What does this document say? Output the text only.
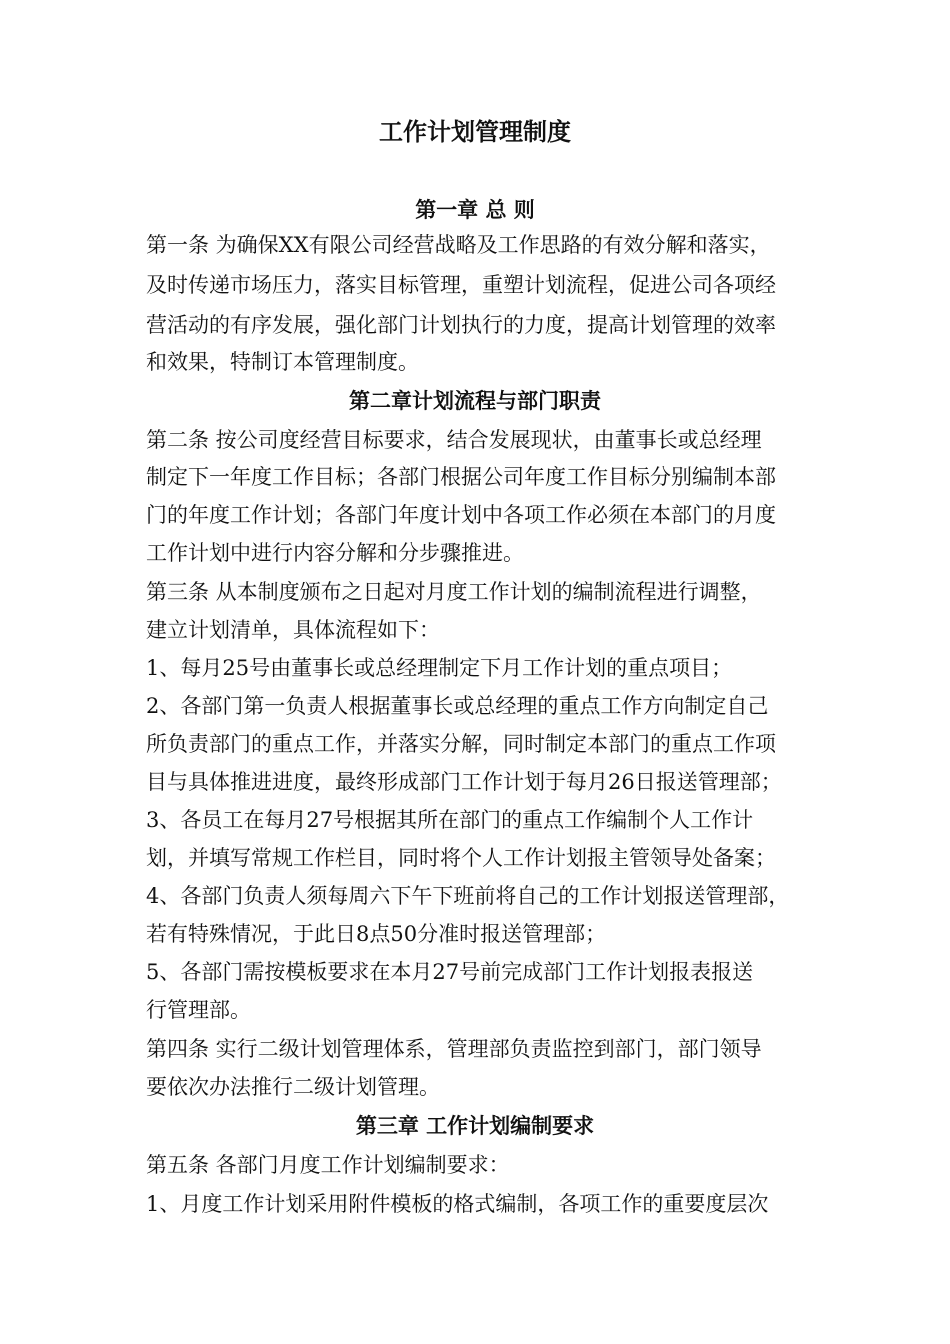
工作计划管理制度
第一章 总 则

第一条 为确保XX有限公司经营战略及工作思路的有效分解和落实，

及时传递市场压力，落实目标管理，重塑计划流程，促进公司各项经

营活动的有序发展，强化部门计划执行的力度，提高计划管理的效率

和效果，特制订本管理制度。

第二章计划流程与部门职责

第二条 按公司度经营目标要求，结合发展现状，由董事长或总经理

制定下一年度工作目标；各部门根据公司年度工作目标分别编制本部

门的年度工作计划；各部门年度计划中各项工作必须在本部门的月度

工作计划中进行内容分解和分步骤推进。

第三条 从本制度颁布之日起对月度工作计划的编制流程进行调整，

建立计划清单，具体流程如下：

1、每月25号由董事长或总经理制定下月工作计划的重点项目；

2、各部门第一负责人根据董事长或总经理的重点工作方向制定自己

所负责部门的重点工作，并落实分解，同时制定本部门的重点工作项

目与具体推进进度，最终形成部门工作计划于每月26日报送管理部；

3、各员工在每月27号根据其所在部门的重点工作编制个人工作计

划，并填写常规工作栏目，同时将个人工作计划报主管领导处备案；

4、各部门负责人须每周六下午下班前将自己的工作计划报送管理部，

若有特殊情况，于此日8点50分准时报送管理部；

5、各部门需按模板要求在本月27号前完成部门工作计划报表报送

行管理部。

第四条 实行二级计划管理体系，管理部负责监控到部门，部门领导

要依次办法推行二级计划管理。

第三章 工作计划编制要求

第五条 各部门月度工作计划编制要求：

1、月度工作计划采用附件模板的格式编制，各项工作的重要度层次
